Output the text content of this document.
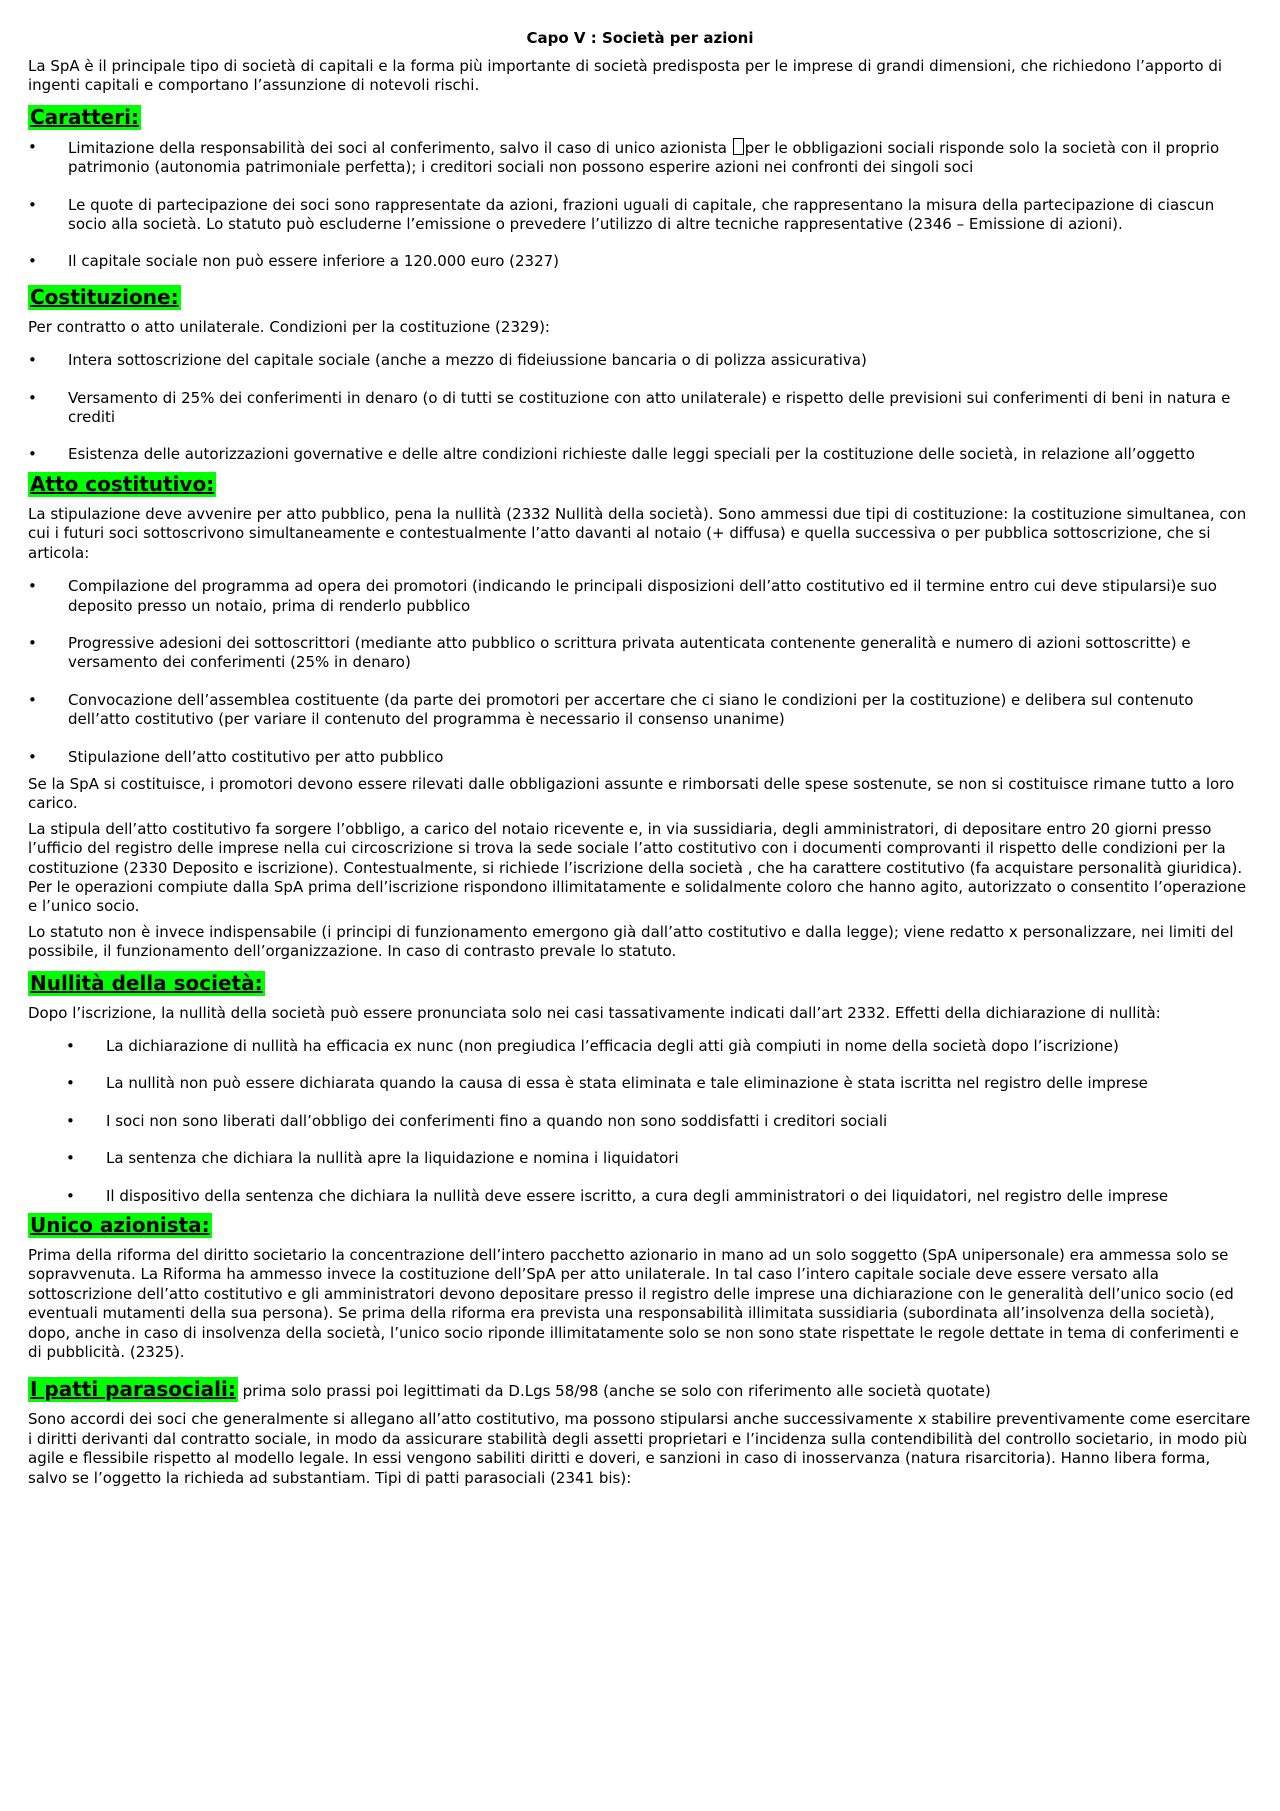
Capo V : Società per azioni

La SpA è il principale tipo di società di capitali e la forma più importante di società predisposta per le imprese di grandi dimensioni, che richiedono l’apporto di ingenti capitali e comportano l’assunzione di notevoli rischi.

Caratteri:
• Limitazione della responsabilità dei soci al conferimento, salvo il caso di unico azionista per le obbligazioni sociali risponde solo la società con il proprio patrimonio (autonomia patrimoniale perfetta); i creditori sociali non possono esperire azioni nei confronti dei singoli soci
• Le quote di partecipazione dei soci sono rappresentate da azioni, frazioni uguali di capitale, che rappresentano la misura della partecipazione di ciascun socio alla società. Lo statuto può escluderne l’emissione o prevedere l’utilizzo di altre tecniche rappresentative (2346 – Emissione di azioni).
• Il capitale sociale non può essere inferiore a 120.000 euro (2327)
Costituzione:

Per contratto o atto unilaterale. Condizioni per la costituzione (2329):

• Intera sottoscrizione del capitale sociale (anche a mezzo di fideiussione bancaria o di polizza assicurativa)
• Versamento di 25% dei conferimenti in denaro (o di tutti se costituzione con atto unilaterale) e rispetto delle previsioni sui conferimenti di beni in natura e crediti
• Esistenza delle autorizzazioni governative e delle altre condizioni richieste dalle leggi speciali per la costituzione delle società, in relazione all’oggetto
Atto costitutivo:

La stipulazione deve avvenire per atto pubblico, pena la nullità (2332 Nullità della società). Sono ammessi due tipi di costituzione: la costituzione simultanea, con cui i futuri soci sottoscrivono simultaneamente e contestualmente l’atto davanti al notaio (+ diffusa) e quella successiva o per pubblica sottoscrizione, che si articola:

• Compilazione del programma ad opera dei promotori (indicando le principali disposizioni dell’atto costitutivo ed il termine entro cui deve stipularsi)e suo deposito presso un notaio, prima di renderlo pubblico
• Progressive adesioni dei sottoscrittori (mediante atto pubblico o scrittura privata autenticata contenente generalità e numero di azioni sottoscritte) e versamento dei conferimenti (25% in denaro)
• Convocazione dell’assemblea costituente (da parte dei promotori per accertare che ci siano le condizioni per la costituzione) e delibera sul contenuto dell’atto costitutivo (per variare il contenuto del programma è necessario il consenso unanime)
• Stipulazione dell’atto costitutivo per atto pubblico

Se la SpA si costituisce, i promotori devono essere rilevati dalle obbligazioni assunte e rimborsati delle spese sostenute, se non si costituisce rimane tutto a loro carico.

La stipula dell’atto costitutivo fa sorgere l’obbligo, a carico del notaio ricevente e, in via sussidiaria, degli amministratori, di depositare entro 20 giorni presso l’ufficio del registro delle imprese nella cui circoscrizione si trova la sede sociale l’atto costitutivo con i documenti comprovanti il rispetto delle condizioni per la costituzione (2330 Deposito e iscrizione). Contestualmente, si richiede l’iscrizione della società , che ha carattere costitutivo (fa acquistare personalità giuridica). Per le operazioni compiute dalla SpA prima dell’iscrizione rispondono illimitatamente e solidalmente coloro che hanno agito, autorizzato o consentito l’operazione e l’unico socio.

Lo statuto non è invece indispensabile (i principi di funzionamento emergono già dall’atto costitutivo e dalla legge); viene redatto x personalizzare, nei limiti del possibile, il funzionamento dell’organizzazione. In caso di contrasto prevale lo statuto.

Nullità della società:

Dopo l’iscrizione, la nullità della società può essere pronunciata solo nei casi tassativamente indicati dall’art 2332. Effetti della dichiarazione di nullità:

• La dichiarazione di nullità ha efficacia ex nunc (non pregiudica l’efficacia degli atti già compiuti in nome della società dopo l’iscrizione)
• La nullità non può essere dichiarata quando la causa di essa è stata eliminata e tale eliminazione è stata iscritta nel registro delle imprese
• I soci non sono liberati dall’obbligo dei conferimenti fino a quando non sono soddisfatti i creditori sociali
• La sentenza che dichiara la nullità apre la liquidazione e nomina i liquidatori
• Il dispositivo della sentenza che dichiara la nullità deve essere iscritto, a cura degli amministratori o dei liquidatori, nel registro delle imprese
Unico azionista:

Prima della riforma del diritto societario la concentrazione dell’intero pacchetto azionario in mano ad un solo soggetto (SpA unipersonale) era ammessa solo se sopravvenuta. La Riforma ha ammesso invece la costituzione dell’SpA per atto unilaterale. In tal caso l’intero capitale sociale deve essere versato alla sottoscrizione dell’atto costitutivo e gli amministratori devono depositare presso il registro delle imprese una dichiarazione con le generalità dell’unico socio (ed eventuali mutamenti della sua persona). Se prima della riforma era prevista una responsabilità illimitata sussidiaria (subordinata all’insolvenza della società), dopo, anche in caso di insolvenza della società, l’unico socio riponde illimitatamente solo se non sono state rispettate le regole dettate in tema di conferimenti e di pubblicità. (2325).

I patti parasociali: prima solo prassi poi legittimati da D.Lgs 58/98 (anche se solo con riferimento alle società quotate)

Sono accordi dei soci che generalmente si allegano all’atto costitutivo, ma possono stipularsi anche successivamente x stabilire preventivamente come esercitare i diritti derivanti dal contratto sociale, in modo da assicurare stabilità degli assetti proprietari e l’incidenza sulla contendibilità del controllo societario, in modo più agile e flessibile rispetto al modello legale. In essi vengono sabiliti diritti e doveri, e sanzioni in caso di inosservanza (natura risarcitoria). Hanno libera forma, salvo se l’oggetto la richieda ad substantiam. Tipi di patti parasociali (2341 bis):
